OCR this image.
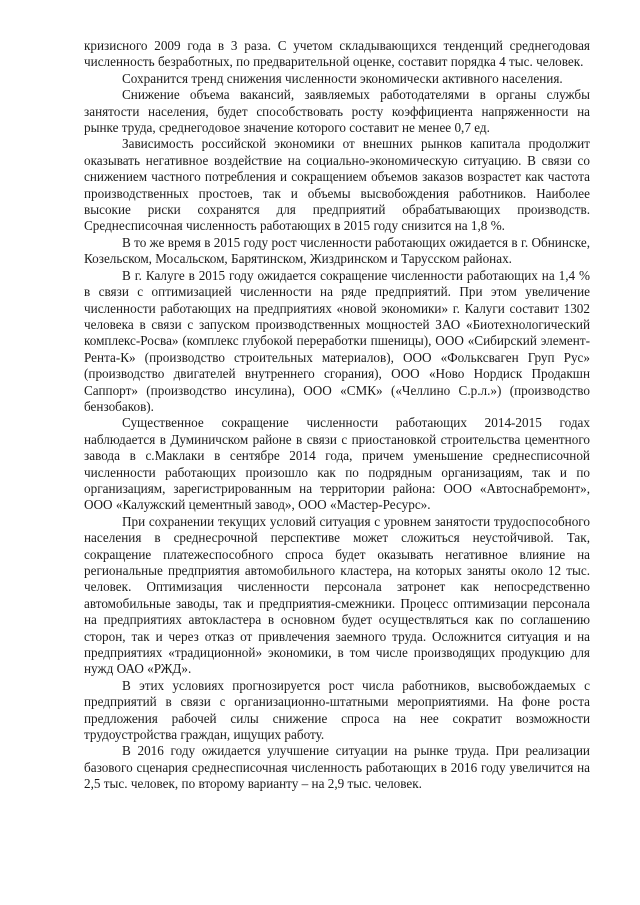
кризисного 2009 года в 3 раза. С учетом складывающихся тенденций среднегодовая численность безработных, по предварительной оценке, составит порядка 4 тыс. человек.

Сохранится тренд снижения численности экономически активного населения.

Снижение объема вакансий, заявляемых работодателями в органы службы занятости населения, будет способствовать росту коэффициента напряженности на рынке труда, среднегодовое значение которого составит не менее 0,7 ед.

Зависимость российской экономики от внешних рынков капитала продолжит оказывать негативное воздействие на социально-экономическую ситуацию. В связи со снижением частного потребления и сокращением объемов заказов возрастет как частота производственных простоев, так и объемы высвобождения работников. Наиболее высокие риски сохранятся для предприятий обрабатывающих производств. Среднесписочная численность работающих в 2015 году снизится на 1,8 %.

В то же время в 2015 году рост численности работающих ожидается в г. Обнинске, Козельском, Мосальском, Барятинском, Жиздринском и Тарусском районах.

В г. Калуге в 2015 году ожидается сокращение численности работающих на 1,4 % в связи с оптимизацией численности на ряде предприятий. При этом увеличение численности работающих на предприятиях «новой экономики» г. Калуги составит 1302 человека в связи с запуском производственных мощностей ЗАО «Биотехнологический комплекс-Росва» (комплекс глубокой переработки пшеницы), ООО «Сибирский элемент-Рента-К» (производство строительных материалов), ООО «Фольксваген Груп Рус» (производство двигателей внутреннего сгорания), ООО «Ново Нордиск Продакшн Саппорт» (производство инсулина), ООО «СМК» («Челлино С.р.л.») (производство бензобаков).

Существенное сокращение численности работающих 2014-2015 годах наблюдается в Думиничском районе в связи с приостановкой строительства цементного завода в с.Маклаки в сентябре 2014 года, причем уменьшение среднесписочной численности работающих произошло как по подрядным организациям, так и по организациям, зарегистрированным на территории района: ООО «Автоснабремонт», ООО «Калужский цементный завод», ООО «Мастер-Ресурс».

При сохранении текущих условий ситуация с уровнем занятости трудоспособного населения в среднесрочной перспективе может сложиться неустойчивой. Так, сокращение платежеспособного спроса будет оказывать негативное влияние на региональные предприятия автомобильного кластера, на которых заняты около 12 тыс. человек. Оптимизация численности персонала затронет как непосредственно автомобильные заводы, так и предприятия-смежники. Процесс оптимизации персонала на предприятиях автокластера в основном будет осуществляться как по соглашению сторон, так и через отказ от привлечения заемного труда. Осложнится ситуация и на предприятиях «традиционной» экономики, в том числе производящих продукцию для нужд ОАО «РЖД».

В этих условиях прогнозируется рост числа работников, высвобождаемых с предприятий в связи с организационно-штатными мероприятиями. На фоне роста предложения рабочей силы снижение спроса на нее сократит возможности трудоустройства граждан, ищущих работу.

В 2016 году ожидается улучшение ситуации на рынке труда. При реализации базового сценария среднесписочная численность работающих в 2016 году увеличится на 2,5 тыс. человек, по второму варианту – на 2,9 тыс. человек.
